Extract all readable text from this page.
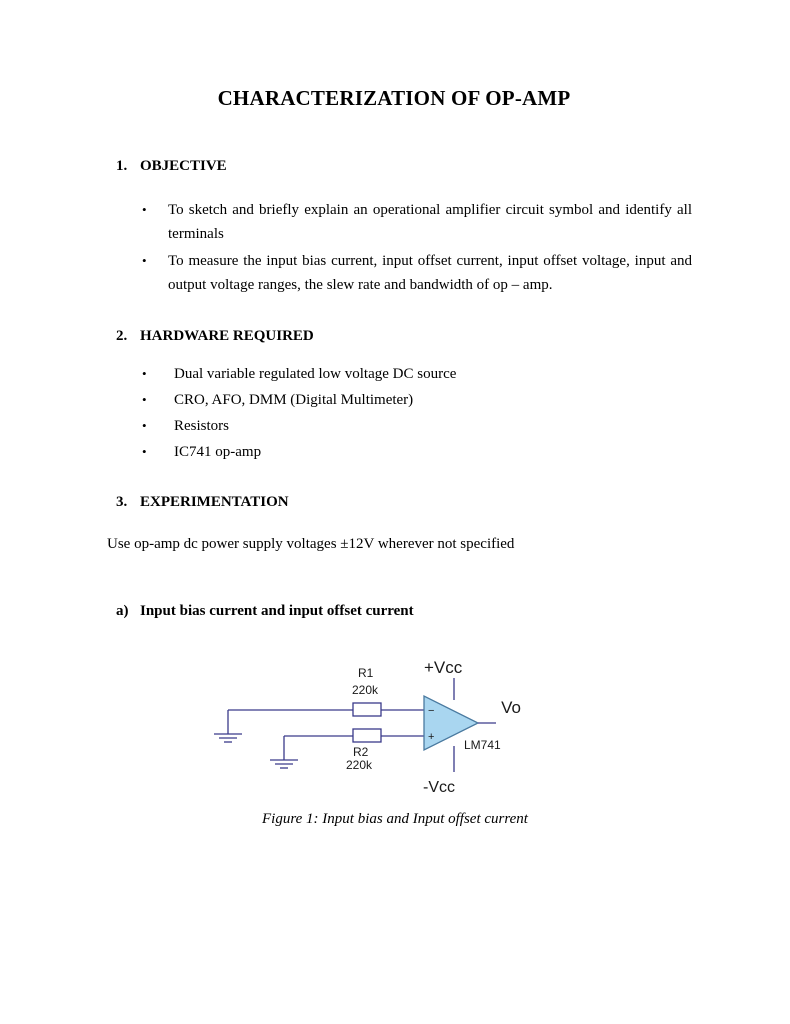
CHARACTERIZATION OF OP-AMP
1. OBJECTIVE
• To sketch and briefly explain an operational amplifier circuit symbol and identify all terminals
• To measure the input bias current, input offset current, input offset voltage, input and output voltage ranges, the slew rate and bandwidth of op – amp.
2. HARDWARE REQUIRED
• Dual variable regulated low voltage DC source
• CRO, AFO, DMM (Digital Multimeter)
• Resistors
• IC741 op-amp
3. EXPERIMENTATION
Use op-amp dc power supply voltages ±12V wherever not specified
a) Input bias current and input offset current
R1
220k
R2
220k
+Vcc
-Vcc
Vo
LM741
−
+
Figure 1: Input bias and Input offset current
